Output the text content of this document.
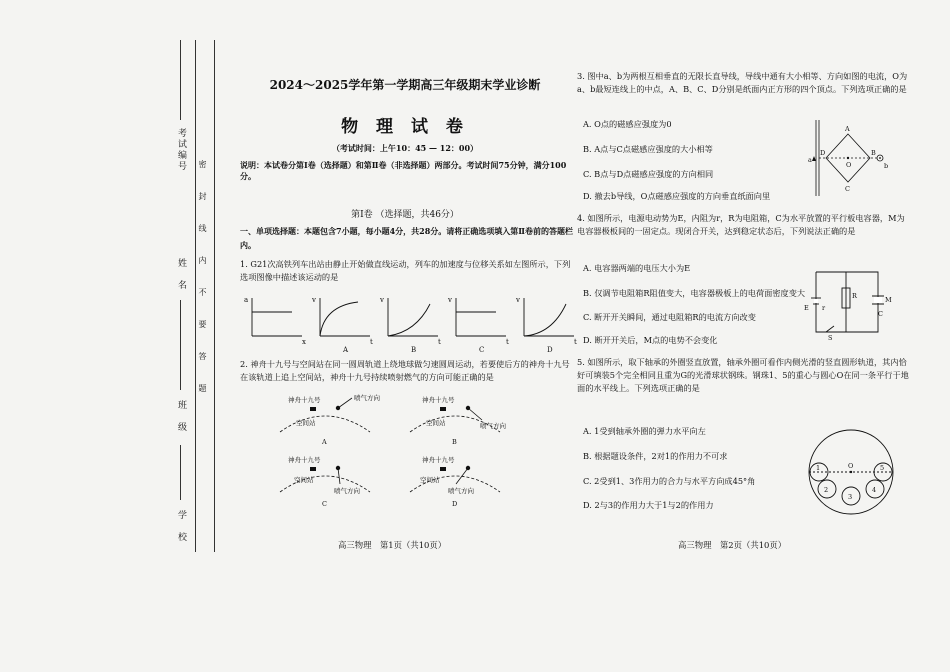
密　封　线　内　不　要　答　题
考试编号
姓　名
班　级
学　校
2024～2025学年第一学期高三年级期末学业诊断
物 理 试 卷
（考试时间：上午10：45 — 12：00）
说明：本试卷分第Ⅰ卷（选择题）和第Ⅱ卷（非选择题）两部分。考试时间75分钟，满分100分。
第Ⅰ卷 （选择题，共46分）
一、单项选择题：本题包含7小题，每小题4分，共28分。请将正确选项填入第Ⅱ卷前的答题栏内。
1. G21次高铁列车出站由静止开始做直线运动，列车的加速度与位移关系如左图所示，下列选项图像中描述该运动的是
a
x
v
t
v
t
v
t
v
t
A	B	C	D
2. 神舟十九号与空间站在同一圆周轨道上绕地球做匀速圆周运动，若要使后方的神舟十九号在该轨道上追上空间站，神舟十九号持续喷射燃气的方向可能正确的是
神舟十九号
空间站
喷气方向	神舟十九号
空间站	喷气方向
神舟十九号
空间站
喷气方向
神舟十九号
空间站
喷气方向
A	B
C	D
高三物理　第1页（共10页）
3. 图中a、b为两根互相垂直的无限长直导线，导线中通有大小相等、方向如图的电流，O为a、b最短连线上的中点，A、B、C、D分别是纸面内正方形的四个顶点。下列选项正确的是
A. O点的磁感应强度为0
B. A点与C点磁感应强度的大小相等
C. B点与D点磁感应强度的方向相同
D. 撤去b导线，O点磁感应强度的方向垂直纸面向里
a
b
A
B
C
D
O
4. 如图所示，电源电动势为E，内阻为r，R为电阻箱，C为水平放置的平行板电容器，M为电容器极板间的一固定点。现闭合开关，达到稳定状态后，下列说法正确的是
A. 电容器两端的电压大小为E
B. 仅调节电阻箱R阻值变大，电容器极板上的电荷面密度变大
C. 断开开关瞬间，通过电阻箱R的电流方向改变
D. 断开开关后，M点的电势不会变化
E r
R	M
C
S
5. 如图所示，取下轴承的外圈竖直放置，轴承外圈可看作内侧光滑的竖直圆形轨道，其内恰好可填装5个完全相同且重为G的光滑球状钢珠。钢珠1、5的重心与圆心O在同一条平行于地面的水平线上。下列选项正确的是
A. 1受到轴承外圈的弹力水平向左
B. 根据题设条件，2对1的作用力不可求
C. 2受到1、3作用力的合力与水平方向成45°角
D. 2与3的作用力大于1与2的作用力
1
2
3
4
5
O
高三物理　第2页（共10页）
